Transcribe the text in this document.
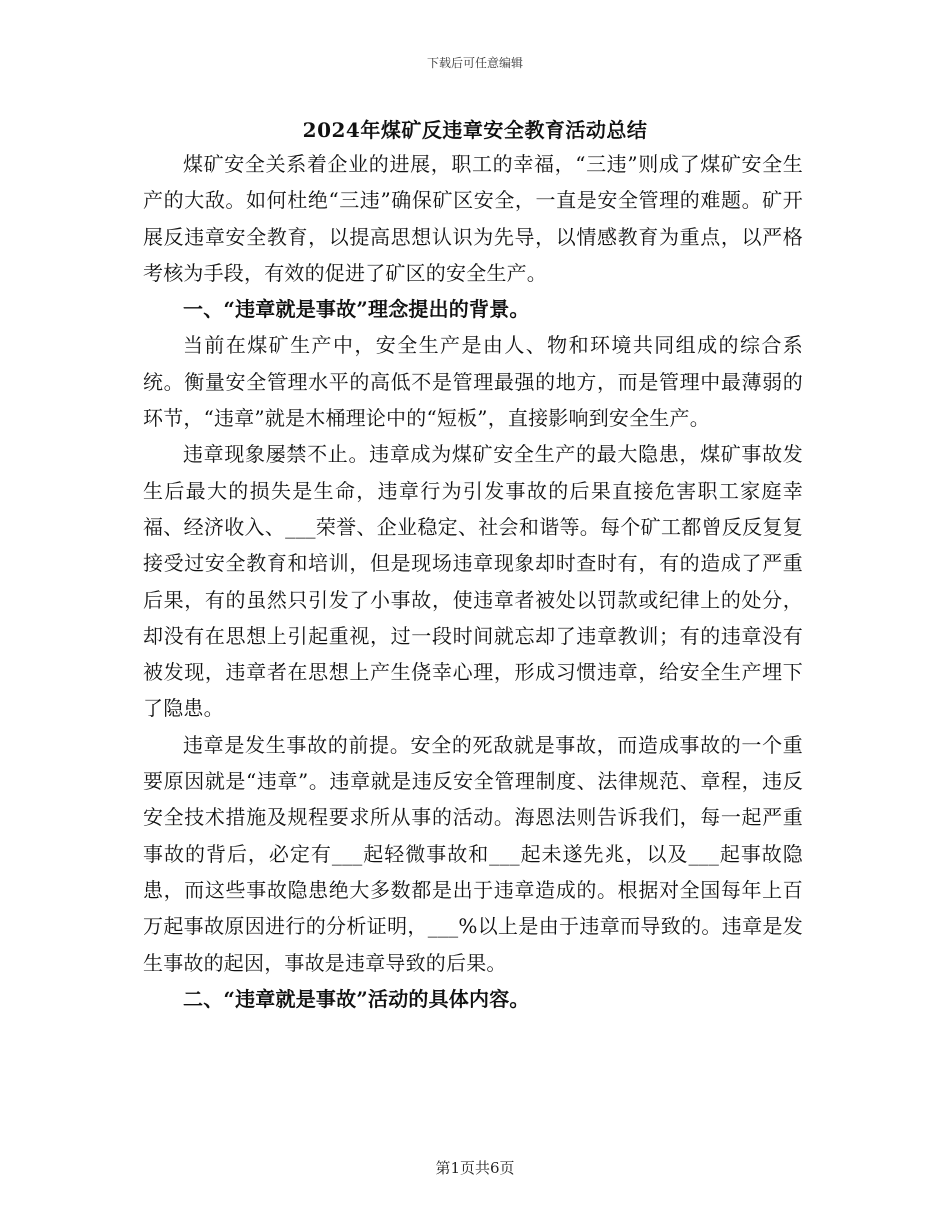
下载后可任意编辑
2024年煤矿反违章安全教育活动总结

煤矿安全关系着企业的进展，职工的幸福，“三违”则成了煤矿安全生产的大敌。如何杜绝“三违”确保矿区安全，一直是安全管理的难题。矿开展反违章安全教育，以提高思想认识为先导，以情感教育为重点，以严格考核为手段，有效的促进了矿区的安全生产。

一、“违章就是事故”理念提出的背景。

当前在煤矿生产中，安全生产是由人、物和环境共同组成的综合系统。衡量安全管理水平的高低不是管理最强的地方，而是管理中最薄弱的环节，“违章”就是木桶理论中的“短板”，直接影响到安全生产。

违章现象屡禁不止。违章成为煤矿安全生产的最大隐患，煤矿事故发生后最大的损失是生命，违章行为引发事故的后果直接危害职工家庭幸福、经济收入、___荣誉、企业稳定、社会和谐等。每个矿工都曾反反复复接受过安全教育和培训，但是现场违章现象却时查时有，有的造成了严重后果，有的虽然只引发了小事故，使违章者被处以罚款或纪律上的处分，却没有在思想上引起重视，过一段时间就忘却了违章教训；有的违章没有被发现，违章者在思想上产生侥幸心理，形成习惯违章，给安全生产埋下了隐患。

违章是发生事故的前提。安全的死敌就是事故，而造成事故的一个重要原因就是“违章”。违章就是违反安全管理制度、法律规范、章程，违反安全技术措施及规程要求所从事的活动。海恩法则告诉我们，每一起严重事故的背后，必定有___起轻微事故和___起未遂先兆，以及___起事故隐患，而这些事故隐患绝大多数都是出于违章造成的。根据对全国每年上百万起事故原因进行的分析证明，___%以上是由于违章而导致的。违章是发生事故的起因，事故是违章导致的后果。

二、“违章就是事故”活动的具体内容。

第1页共6页
